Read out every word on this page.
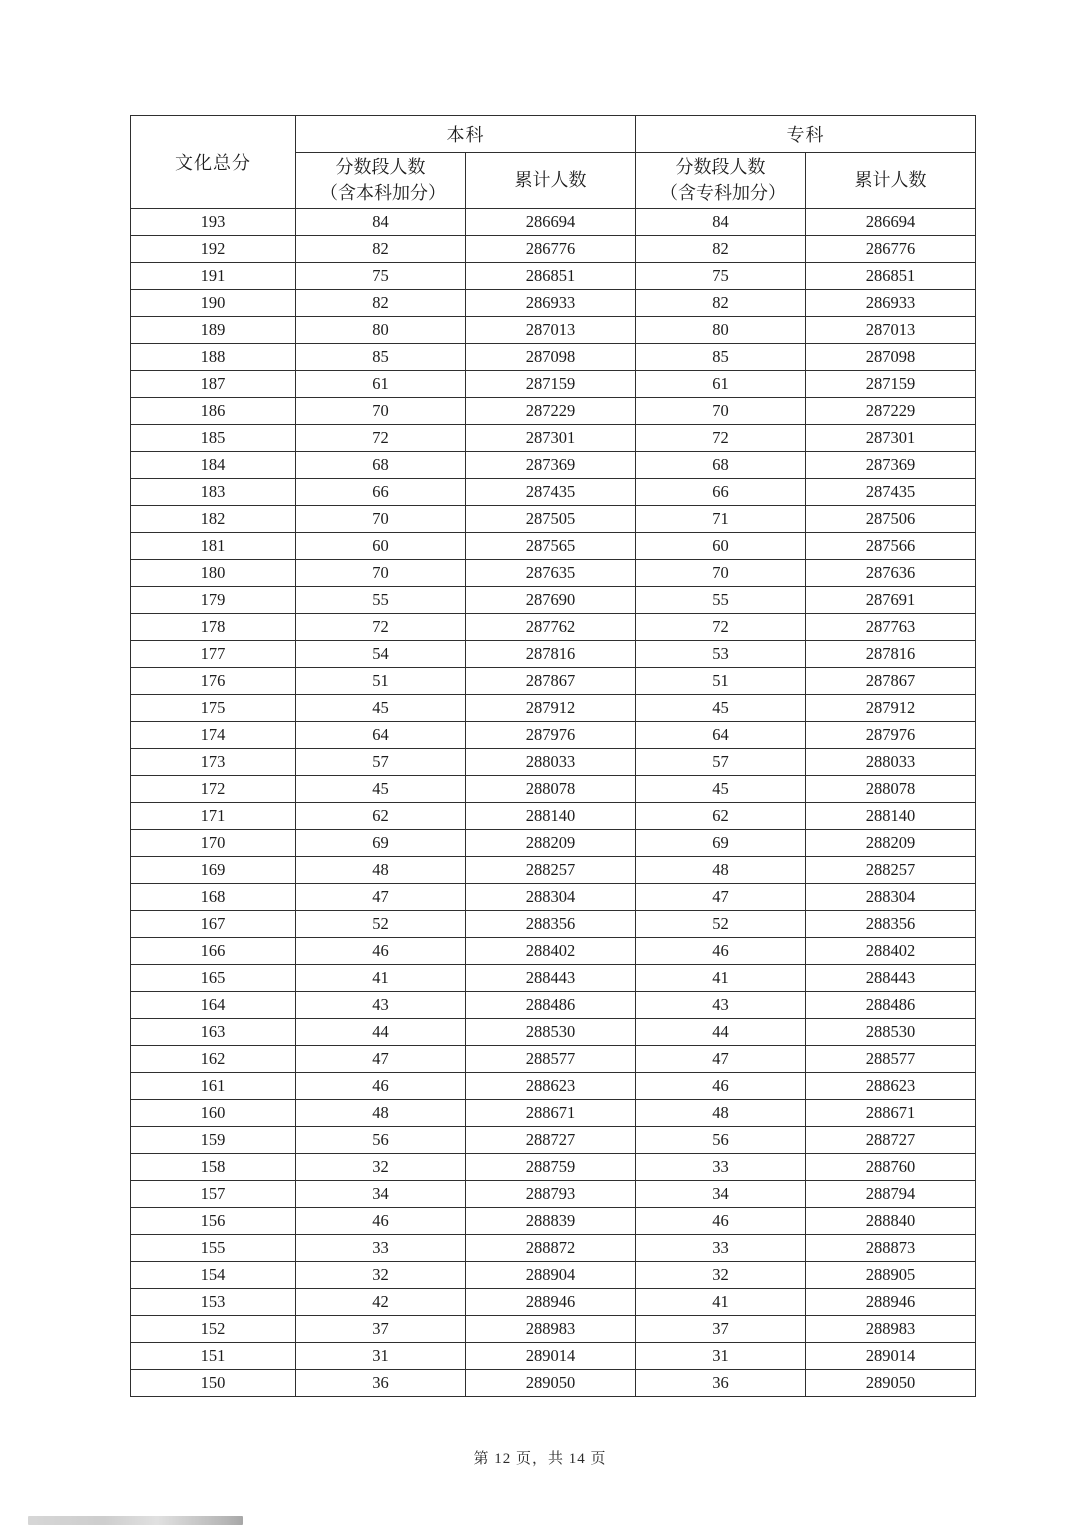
文化总分	本科		专科	
	分数段人数（含本科加分）	累计人数	分数段人数（含专科加分）	累计人数
193	84	286694	84	286694
192	82	286776	82	286776
191	75	286851	75	286851
190	82	286933	82	286933
189	80	287013	80	287013
188	85	287098	85	287098
187	61	287159	61	287159
186	70	287229	70	287229
185	72	287301	72	287301
184	68	287369	68	287369
183	66	287435	66	287435
182	70	287505	71	287506
181	60	287565	60	287566
180	70	287635	70	287636
179	55	287690	55	287691
178	72	287762	72	287763
177	54	287816	53	287816
176	51	287867	51	287867
175	45	287912	45	287912
174	64	287976	64	287976
173	57	288033	57	288033
172	45	288078	45	288078
171	62	288140	62	288140
170	69	288209	69	288209
169	48	288257	48	288257
168	47	288304	47	288304
167	52	288356	52	288356
166	46	288402	46	288402
165	41	288443	41	288443
164	43	288486	43	288486
163	44	288530	44	288530
162	47	288577	47	288577
161	46	288623	46	288623
160	48	288671	48	288671
159	56	288727	56	288727
158	32	288759	33	288760
157	34	288793	34	288794
156	46	288839	46	288840
155	33	288872	33	288873
154	32	288904	32	288905
153	42	288946	41	288946
152	37	288983	37	288983
151	31	289014	31	289014
150	36	289050	36	289050
第 12 页，共 14 页
